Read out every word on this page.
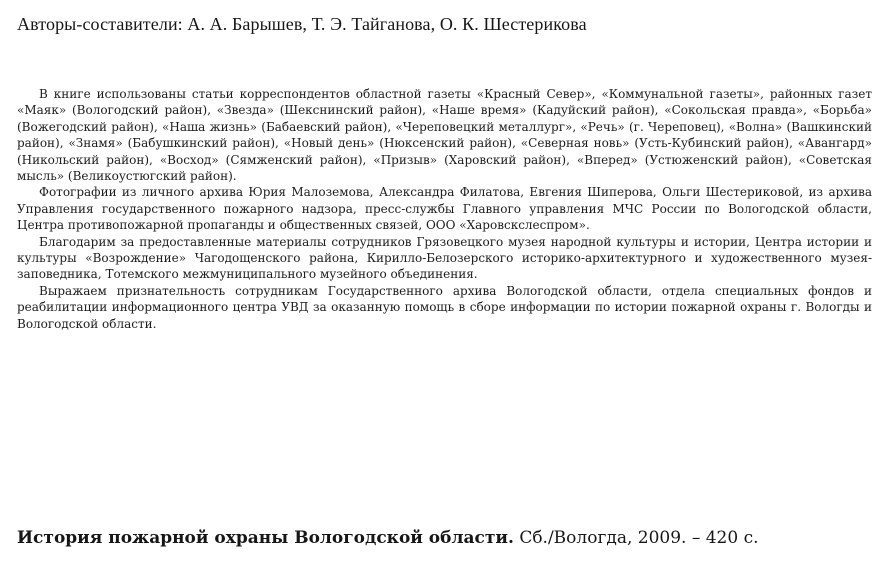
Авторы-составители: А. А. Барышев, Т. Э. Тайганова, О. К. Шестерикова

В книге использованы статьи корреспондентов областной газеты «Красный Север», «Коммунальной газеты», районных газет «Маяк» (Вологодский район), «Звезда» (Шекснинский район), «Наше время» (Кадуйский район), «Сокольская правда», «Борьба» (Вожегодский район), «Наша жизнь» (Бабаевский район), «Череповецкий металлург», «Речь» (г. Череповец), «Волна» (Вашкинский район), «Знамя» (Бабушкинский район), «Новый день» (Нюксенский район), «Северная новь» (Усть-Кубинский район), «Авангард» (Никольский район), «Восход» (Сямженский район), «Призыв» (Харовский район), «Вперед» (Устюженский район), «Советская мысль» (Великоустюгский район).

Фотографии из личного архива Юрия Малоземова, Александра Филатова, Евгения Шиперова, Ольги Шестериковой, из архива Управления государственного пожарного надзора, пресс-службы Главного управления МЧС России по Вологодской области, Центра противопожарной пропаганды и общественных связей, ООО «Харовскслеспром».

Благодарим за предоставленные материалы сотрудников Грязовецкого музея народной культуры и истории, Центра истории и культуры «Возрождение» Чагодощенского района, Кирилло-Белозерского историко-архитектурного и художественного музея-заповедника, Тотемского межмуниципального музейного объединения.

Выражаем признательность сотрудникам Государственного архива Вологодской области, отдела специальных фондов и реабилитации информационного центра УВД за оказанную помощь в сборе информации по истории пожарной охраны г. Вологды и Вологодской области.

История пожарной охраны Вологодской области. Сб./Вологда, 2009. – 420 с.
